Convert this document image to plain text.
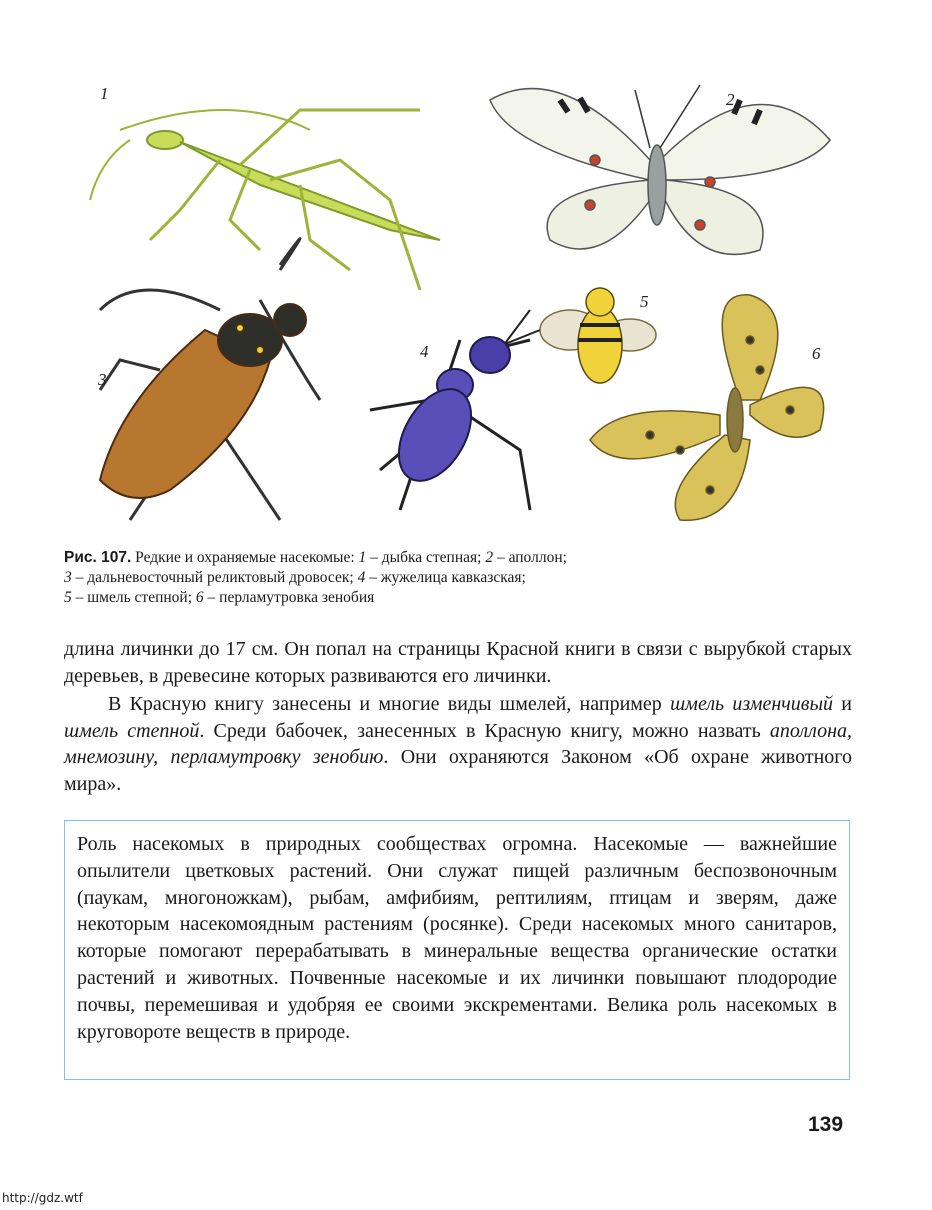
1	2
3
4
5
6
Рис. 107. Редкие и охраняемые насекомые: 1 – дыбка степная; 2 – аполлон;
3 – дальневосточный реликтовый дровосек; 4 – жужелица кавказская;
5 – шмель степной; 6 – перламутровка зенобия

длина личинки до 17 см. Он попал на страницы Красной книги в связи с вырубкой старых деревьев, в древесине которых развиваются его личинки.

В Красную книгу занесены и многие виды шмелей, например шмель изменчивый и шмель степной. Среди бабочек, занесенных в Красную книгу, можно назвать аполлона, мнемозину, перламутровку зенобию. Они охраняются Законом «Об охране животного мира».

Роль насекомых в природных сообществах огромна. Насекомые — важнейшие опылители цветковых растений. Они служат пищей различным беспозвоночным (паукам, многоножкам), рыбам, амфибиям, рептилиям, птицам и зверям, даже некоторым насекомоядным растениям (росянке). Среди насекомых много санитаров, которые помогают перерабатывать в минеральные вещества органические остатки растений и животных. Почвенные насекомые и их личинки повышают плодородие почвы, перемешивая и удобряя ее своими экскрементами. Велика роль насекомых в круговороте веществ в природе.

139
http://gdz.wtf
